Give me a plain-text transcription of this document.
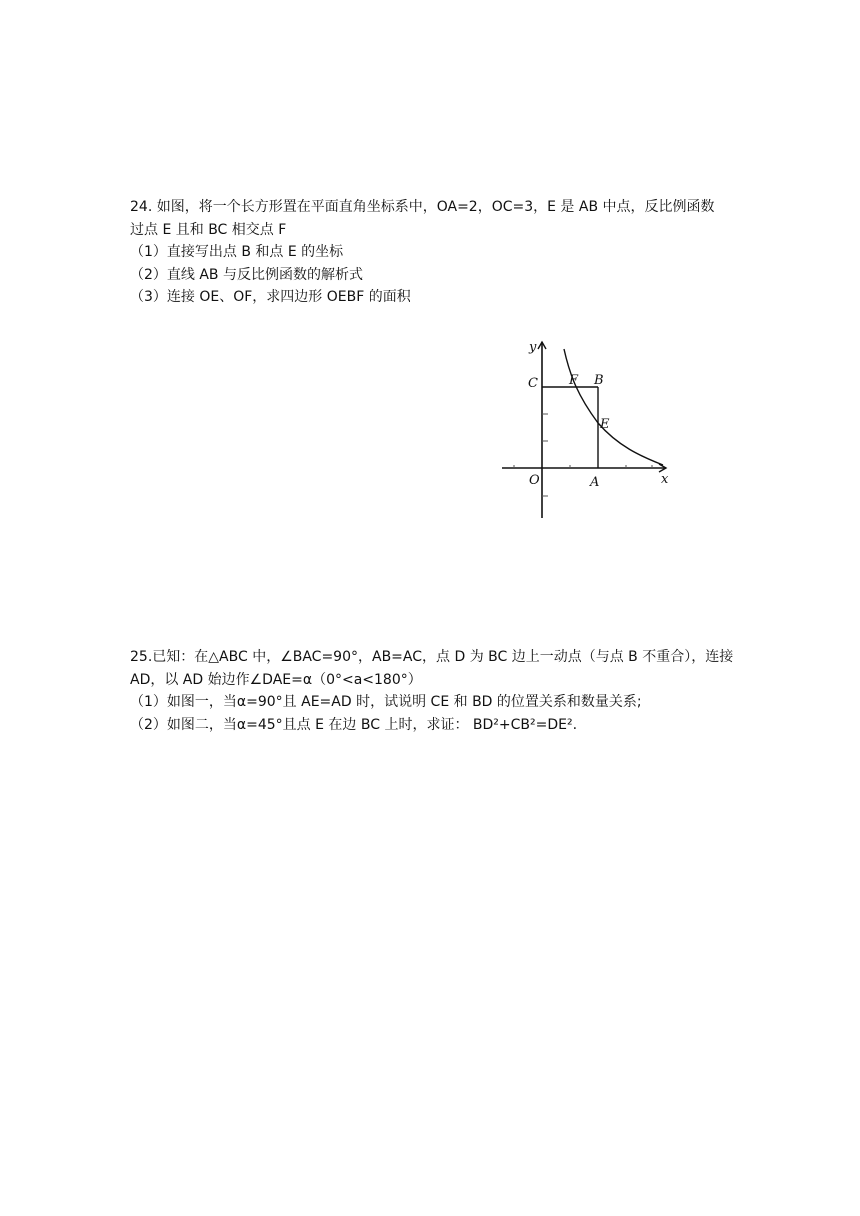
24. 如图，将一个长方形置在平面直角坐标系中，OA=2，OC=3，E 是 AB 中点，反比例函数
过点 E 且和 BC 相交点 F
（1）直接写出点 B 和点 E 的坐标
（2）直线 AB 与反比例函数的解析式
（3）连接 OE、OF，求四边形 OEBF 的面积
y
x
C F B
E
O	A
25.已知：在△ABC 中，∠BAC=90°，AB=AC，点 D 为 BC 边上一动点（与点 B 不重合），连接
AD，以 AD 始边作∠DAE=α（0°<a<180°）
（1）如图一，当α=90°且 AE=AD 时，试说明 CE 和 BD 的位置关系和数量关系;
（2）如图二，当α=45°且点 E 在边 BC 上时，求证： BD²+CB²=DE².
